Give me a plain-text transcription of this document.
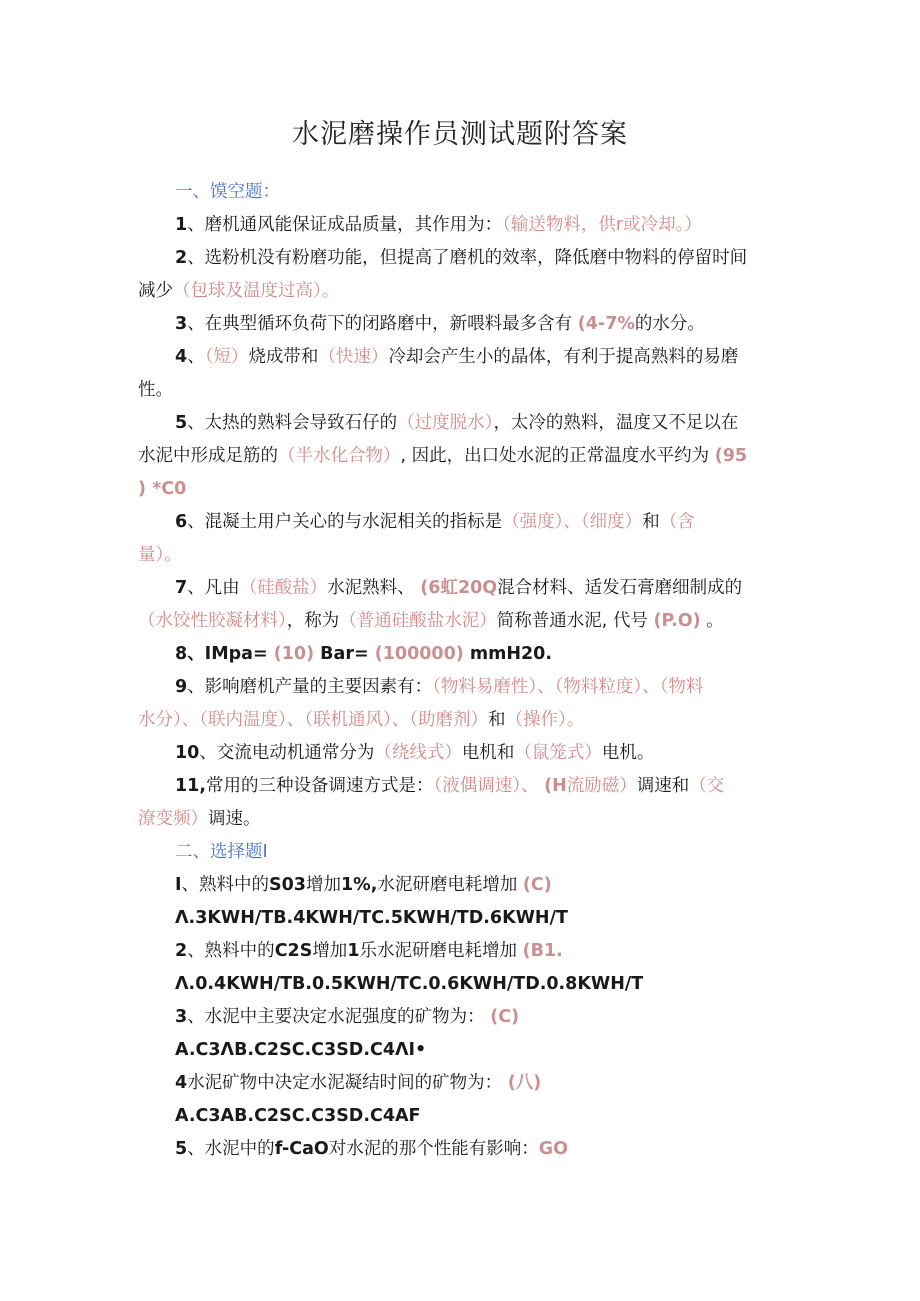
水泥磨操作员测试题附答案
一、馍空题：
1、磨机通风能保证成品质量，其作用为：（输送物料，供r或冷却。）
2、选粉机没有粉磨功能，但提高了磨机的效率，降低磨中物料的停留时间
减少（包球及温度过高）。
3、在典型循环负荷下的闭路磨中，新喂料最多含有 (4-7%的水分。
4、（短）烧成带和（快速）冷却会产生小的晶体，有利于提高熟料的易磨
性。
5、太热的熟料会导致石仔的（过度脱水），太冷的熟料，温度又不足以在
水泥中形成足筋的（半水化合物）, 因此，出口处水泥的正常温度水平约为 (95
) *C0
6、混凝土用户关心的与水泥相关的指标是（强度）、（细度）和（含
量）。
7、凡由（硅酸盐）水泥熟料、 (6虹20Q混合材料、适发石膏磨细制成的
（水饺性胶凝材料），称为（普通硅酸盐水泥）简称普通水泥, 代号 (P.O) 。
8、IMpa= (10) Bar= (100000) mmH20.
9、影响磨机产量的主要因素有：（物料易磨性）、（物料粒度）、（物料
水分）、（联内温度）、（联机通风）、（助磨剂）和（操作）。
10、交流电动机通常分为（绕线式）电机和（鼠笼式）电机。
11,常用的三种设备调速方式是：（液偶调速）、 (H流励磁）调速和（交
潦变频）调速。
二、选择题I
I、熟料中的S03增加1%,水泥研磨电耗增加 (C)
Λ.3KWH/TB.4KWH/TC.5KWH/TD.6KWH/T
2、熟料中的C2S增加1乐水泥研磨电耗增加 (B1.
Λ.0.4KWH/TB.0.5KWH/TC.0.6KWH/TD.0.8KWH/T
3、水泥中主要决定水泥强度的矿物为： (C)
A.C3ΛB.C2SC.C3SD.C4ΛI•
4水泥矿物中决定水泥凝结时间的矿物为： (八)
A.C3AB.C2SC.C3SD.C4AF
5、水泥中的f-CaO对水泥的那个性能有影响：GO
